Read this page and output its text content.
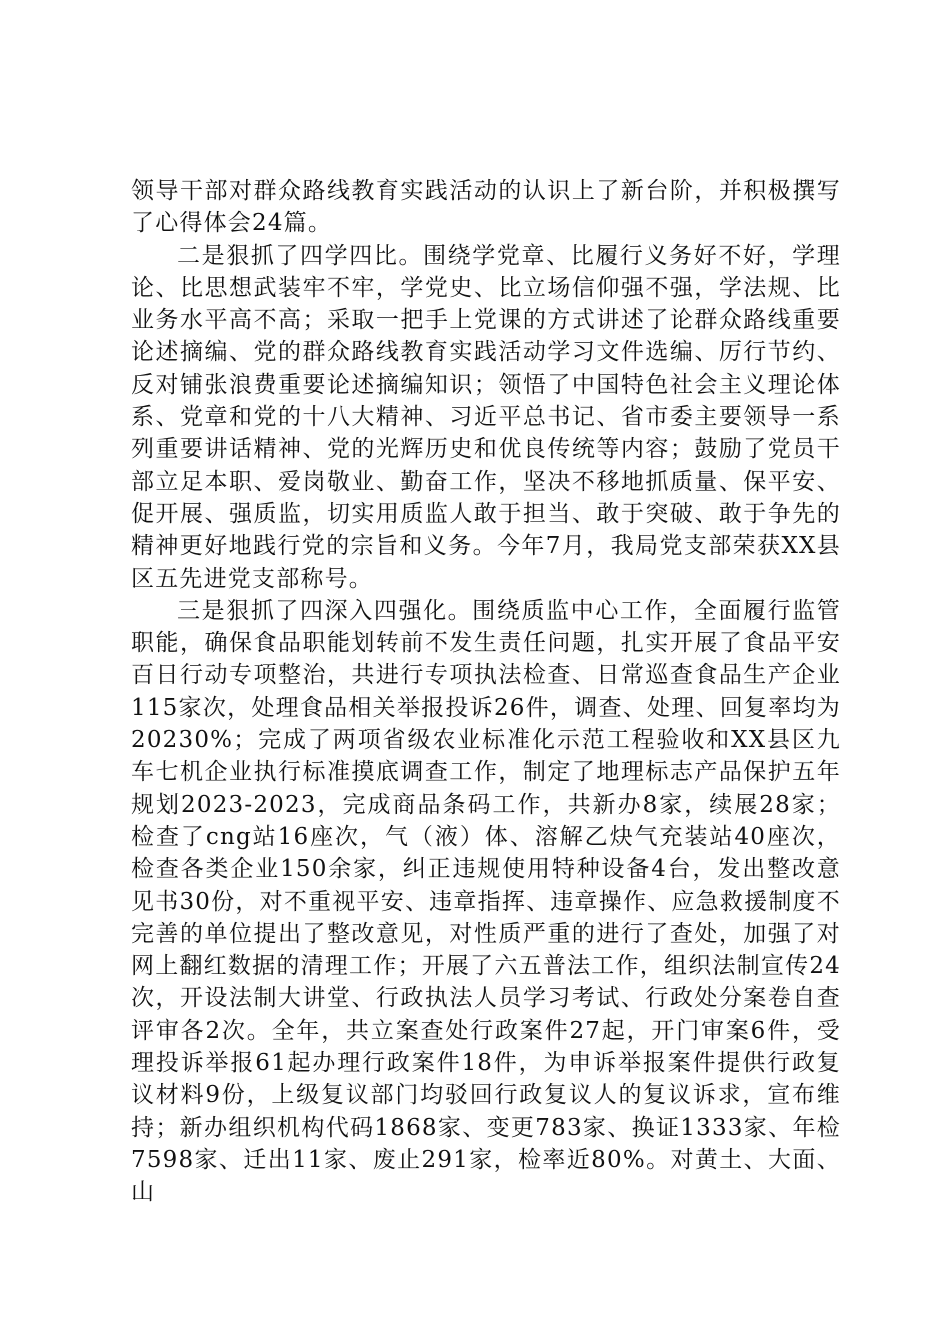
领导干部对群众路线教育实践活动的认识上了新台阶，并积极撰写了心得体会24篇。

二是狠抓了四学四比。围绕学党章、比履行义务好不好，学理论、比思想武装牢不牢，学党史、比立场信仰强不强，学法规、比业务水平高不高；采取一把手上党课的方式讲述了论群众路线重要论述摘编、党的群众路线教育实践活动学习文件选编、厉行节约、反对铺张浪费重要论述摘编知识；领悟了中国特色社会主义理论体系、党章和党的十八大精神、习近平总书记、省市委主要领导一系列重要讲话精神、党的光辉历史和优良传统等内容；鼓励了党员干部立足本职、爱岗敬业、勤奋工作，坚决不移地抓质量、保平安、促开展、强质监，切实用质监人敢于担当、敢于突破、敢于争先的精神更好地践行党的宗旨和义务。今年7月，我局党支部荣获XX县区五先进党支部称号。

三是狠抓了四深入四强化。围绕质监中心工作，全面履行监管职能，确保食品职能划转前不发生责任问题，扎实开展了食品平安百日行动专项整治，共进行专项执法检查、日常巡查食品生产企业115家次，处理食品相关举报投诉26件，调查、处理、回复率均为20230%；完成了两项省级农业标准化示范工程验收和XX县区九车七机企业执行标准摸底调查工作，制定了地理标志产品保护五年规划2023-2023，完成商品条码工作，共新办8家，续展28家；检查了cng站16座次，气（液）体、溶解乙炔气充装站40座次，检查各类企业150余家，纠正违规使用特种设备4台，发出整改意见书30份，对不重视平安、违章指挥、违章操作、应急救援制度不完善的单位提出了整改意见，对性质严重的进行了查处，加强了对网上翻红数据的清理工作；开展了六五普法工作，组织法制宣传24次，开设法制大讲堂、行政执法人员学习考试、行政处分案卷自查评审各2次。全年，共立案查处行政案件27起，开门审案6件，受理投诉举报61起办理行政案件18件，为申诉举报案件提供行政复议材料9份，上级复议部门均驳回行政复议人的复议诉求，宣布维持；新办组织机构代码1868家、变更783家、换证1333家、年检7598家、迁出11家、废止291家，检率近80%。对黄土、大面、山
